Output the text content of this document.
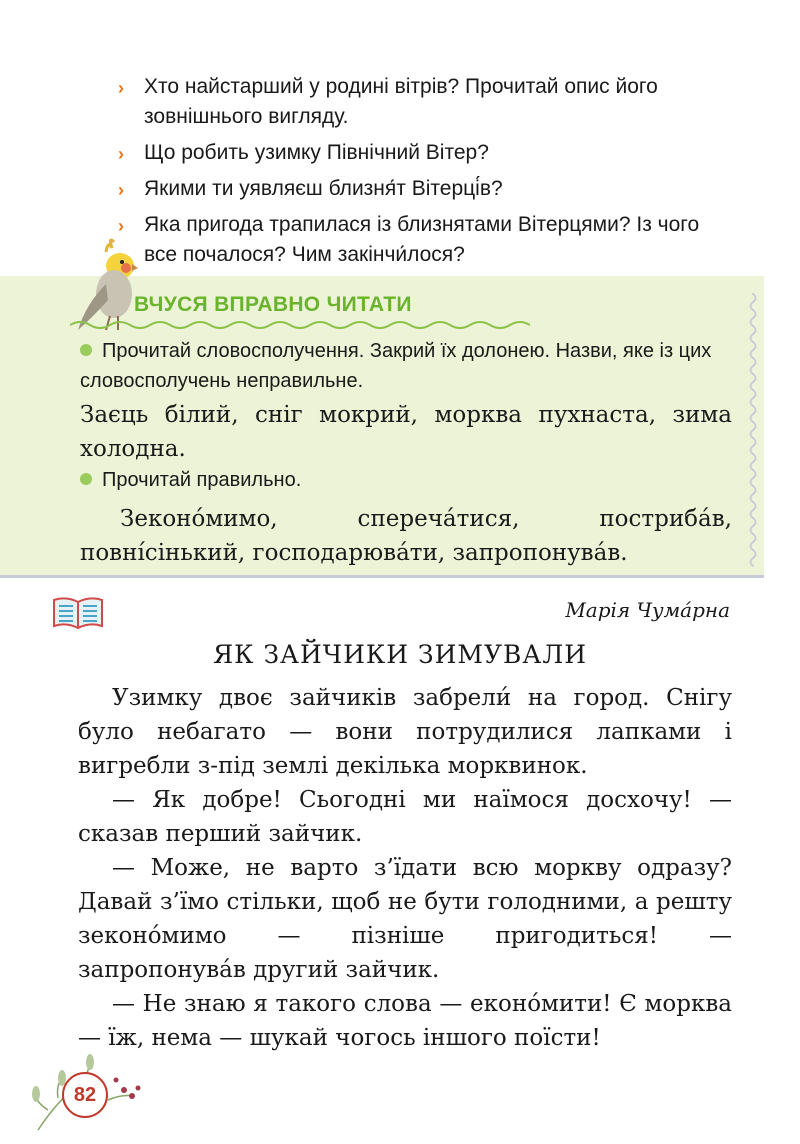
› Хто найстарший у родині вітрів? Прочитай опис його зовнішнього вигляду.
› Що робить узимку Північний Вітер?
› Якими ти уявляєш близня́т Вітерці́в?
› Яка пригода трапилася із близнятами Вітерцями? Із чого все почалося? Чим закінчи́лося?
ВЧУСЯ ВПРАВНО ЧИТАТИ
Прочитай словосполучення. Закрий їх долонею. Назви, яке із цих словосполучень неправильне.
Заєць білий, сніг мокрий, морква пухнаста, зима холодна.
Прочитай правильно.
Зеконо́мимо, сперечáтися, пострибáв, повні́сінький, господарювáти, запропонувáв.
Марія Чума́рна
ЯК ЗАЙЧИКИ ЗИМУВАЛИ

Узимку двоє зайчиків забрели́ на город. Снігу було небагато — вони потрудилися лапками і вигребли з-під землі декілька морквинок.

— Як добре! Сьогодні ми наїмося досхочу! — сказав перший зайчик.

— Може, не варто з’їдати всю моркву одразу? Давай з’їмо стільки, щоб не бути голодними, а решту зеконо́мимо — пізніше пригодиться! — запропонува́в другий зайчик.

— Не знаю я такого слова — еконо́мити! Є морква — їж, нема — шукай чогось іншого поїсти!

82
